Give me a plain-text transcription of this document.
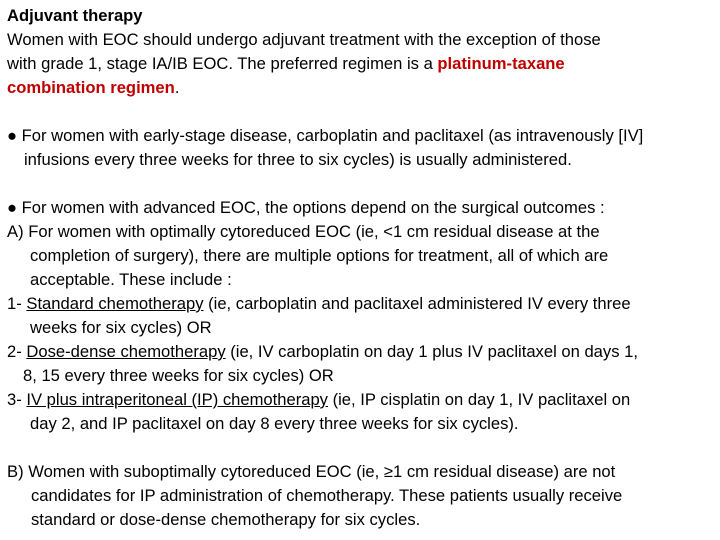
Adjuvant therapy

Women with EOC should undergo adjuvant treatment with the exception of those

with grade 1, stage IA/IB EOC. The preferred regimen is a platinum-taxane

combination regimen.

● For women with early-stage disease, carboplatin and paclitaxel (as intravenously [IV]

infusions every three weeks for three to six cycles) is usually administered.

● For women with advanced EOC, the options depend on the surgical outcomes :

A) For women with optimally cytoreduced EOC (ie, <1 cm residual disease at the

completion of surgery), there are multiple options for treatment, all of which are

acceptable. These include :

1- Standard chemotherapy (ie, carboplatin and paclitaxel administered IV every three

weeks for six cycles) OR

2- Dose-dense chemotherapy (ie, IV carboplatin on day 1 plus IV paclitaxel on days 1,

8, 15 every three weeks for six cycles) OR

3- IV plus intraperitoneal (IP) chemotherapy (ie, IP cisplatin on day 1, IV paclitaxel on

day 2, and IP paclitaxel on day 8 every three weeks for six cycles).

B) Women with suboptimally cytoreduced EOC (ie, ≥1 cm residual disease) are not

candidates for IP administration of chemotherapy. These patients usually receive

standard or dose-dense chemotherapy for six cycles.
